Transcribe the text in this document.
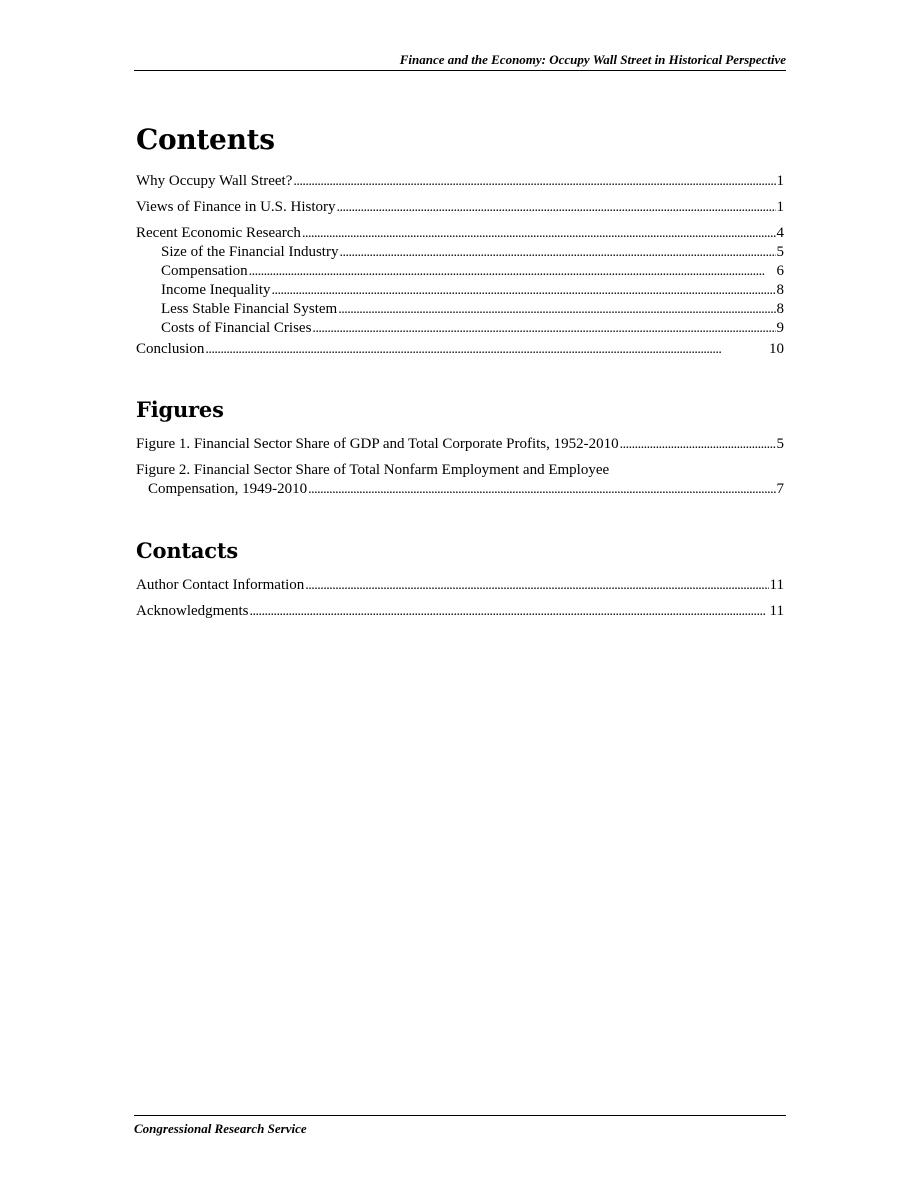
Finance and the Economy: Occupy Wall Street in Historical Perspective
Contents
Why Occupy Wall Street? . . .	1
Views of Finance in U.S. History . . .	1
Recent Economic Research . . .	4
Size of the Financial Industry . . .	5
Compensation . . .	6
Income Inequality . . .	8
Less Stable Financial System . . .	8
Costs of Financial Crises . . .	9
Conclusion . . .	10
Figures
Figure 1. Financial Sector Share of GDP and Total Corporate Profits, 1952-2010 . . .	5
Figure 2. Financial Sector Share of Total Nonfarm Employment and Employee
Compensation, 1949-2010 . . .	7
Contacts
Author Contact Information . . .	11
Acknowledgments . . .	11
Congressional Research Service
